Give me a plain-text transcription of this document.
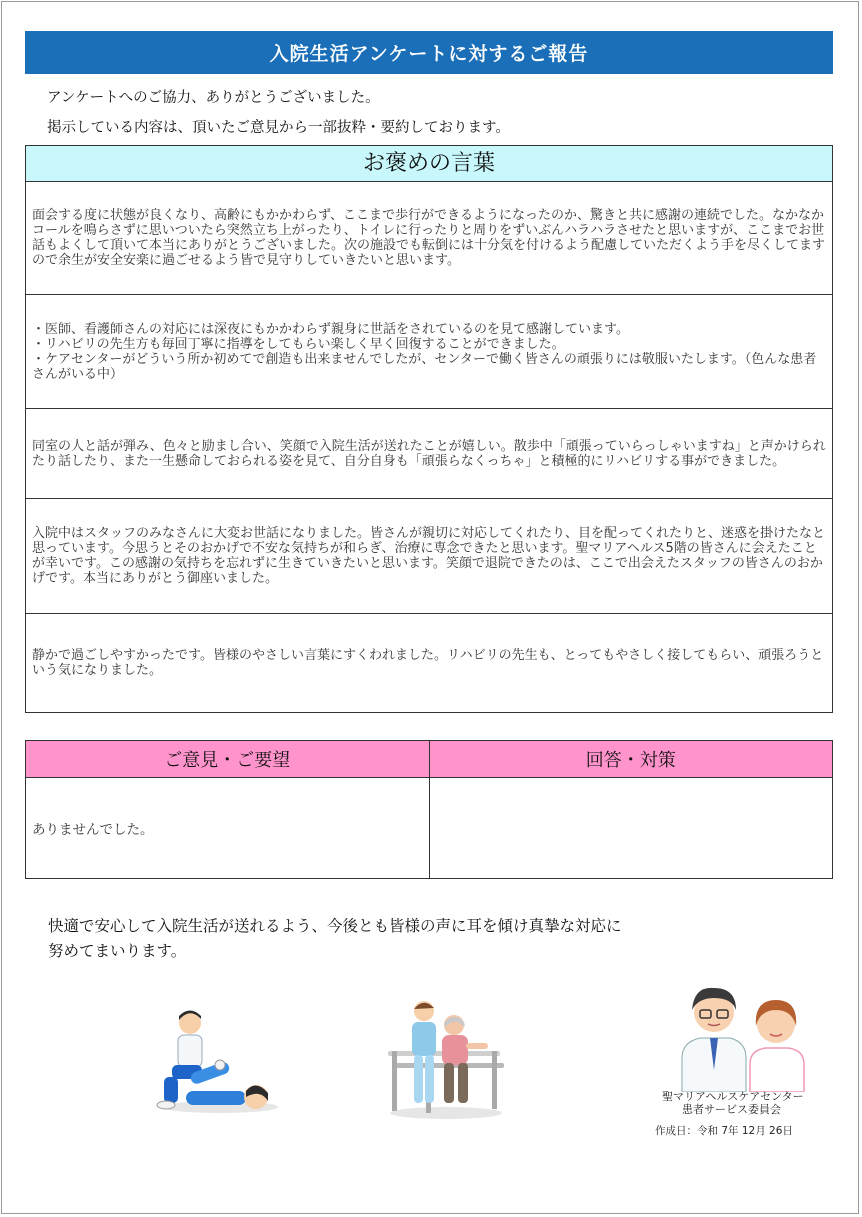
入院生活アンケートに対するご報告
アンケートへのご協力、ありがとうございました。
掲示している内容は、頂いたご意見から一部抜粋・要約しております。
お褒めの言葉

面会する度に状態が良くなり、高齢にもかかわらず、ここまで歩行ができるようになったのか、驚きと共に感謝の連続でした。なかなかコールを鳴らさずに思いついたら突然立ち上がったり、トイレに行ったりと周りをずいぶんハラハラさせたと思いますが、ここまでお世話もよくして頂いて本当にありがとうございました。次の施設でも転倒には十分気を付けるよう配慮していただくよう手を尽くしてますので余生が安全安楽に過ごせるよう皆で見守りしていきたいと思います。

・医師、看護師さんの対応には深夜にもかかわらず親身に世話をされているのを見て感謝しています。
・リハビリの先生方も毎回丁寧に指導をしてもらい楽しく早く回復することができました。
・ケアセンターがどういう所か初めてで創造も出来ませんでしたが、センターで働く皆さんの頑張りには敬服いたします。（色んな患者さんがいる中）

同室の人と話が弾み、色々と励まし合い、笑顔で入院生活が送れたことが嬉しい。散歩中「頑張っていらっしゃいますね」と声かけられたり話したり、また一生懸命しておられる姿を見て、自分自身も「頑張らなくっちゃ」と積極的にリハビリする事ができました。

入院中はスタッフのみなさんに大変お世話になりました。皆さんが親切に対応してくれたり、目を配ってくれたりと、迷惑を掛けたなと思っています。今思うとそのおかげで不安な気持ちが和らぎ、治療に専念できたと思います。聖マリアヘルス5階の皆さんに会えたことが幸いです。この感謝の気持ちを忘れずに生きていきたいと思います。笑顔で退院できたのは、ここで出会えたスタッフの皆さんのおかげです。本当にありがとう御座いました。

静かで過ごしやすかったです。皆様のやさしい言葉にすくわれました。リハビリの先生も、とってもやさしく接してもらい、頑張ろうという気になりました。
ご意見・ご要望	回答・対策
ありませんでした。	
快適で安心して入院生活が送れるよう、今後とも皆様の声に耳を傾け真摯な対応に
努めてまいります。
聖マリアヘルスケアセンター
患者サービス委員会
作成日：令和 7年 12月 26日
